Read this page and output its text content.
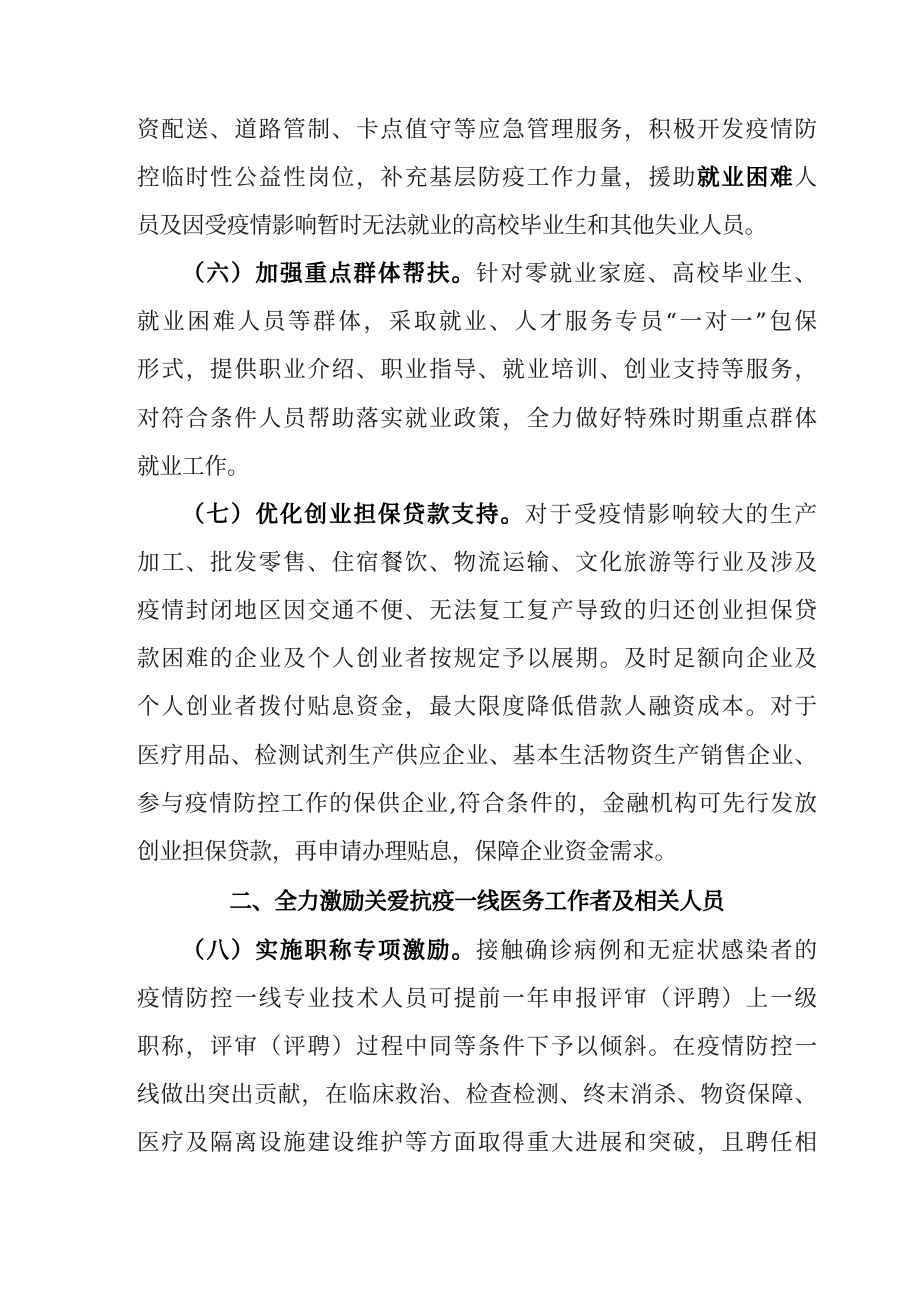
资配送、道路管制、卡点值守等应急管理服务，积极开发疫情防
控临时性公益性岗位，补充基层防疫工作力量，援助就业困难人
员及因受疫情影响暂时无法就业的高校毕业生和其他失业人员。
（六）加强重点群体帮扶。针对零就业家庭、高校毕业生、
就业困难人员等群体，采取就业、人才服务专员“一对一”包保
形式，提供职业介绍、职业指导、就业培训、创业支持等服务，
对符合条件人员帮助落实就业政策，全力做好特殊时期重点群体
就业工作。
（七）优化创业担保贷款支持。对于受疫情影响较大的生产
加工、批发零售、住宿餐饮、物流运输、文化旅游等行业及涉及
疫情封闭地区因交通不便、无法复工复产导致的归还创业担保贷
款困难的企业及个人创业者按规定予以展期。及时足额向企业及
个人创业者拨付贴息资金，最大限度降低借款人融资成本。对于
医疗用品、检测试剂生产供应企业、基本生活物资生产销售企业、
参与疫情防控工作的保供企业,符合条件的，金融机构可先行发放
创业担保贷款，再申请办理贴息，保障企业资金需求。
二、全力激励关爱抗疫一线医务工作者及相关人员
（八）实施职称专项激励。接触确诊病例和无症状感染者的
疫情防控一线专业技术人员可提前一年申报评审（评聘）上一级
职称，评审（评聘）过程中同等条件下予以倾斜。在疫情防控一
线做出突出贡献，在临床救治、检查检测、终末消杀、物资保障、
医疗及隔离设施建设维护等方面取得重大进展和突破，且聘任相
